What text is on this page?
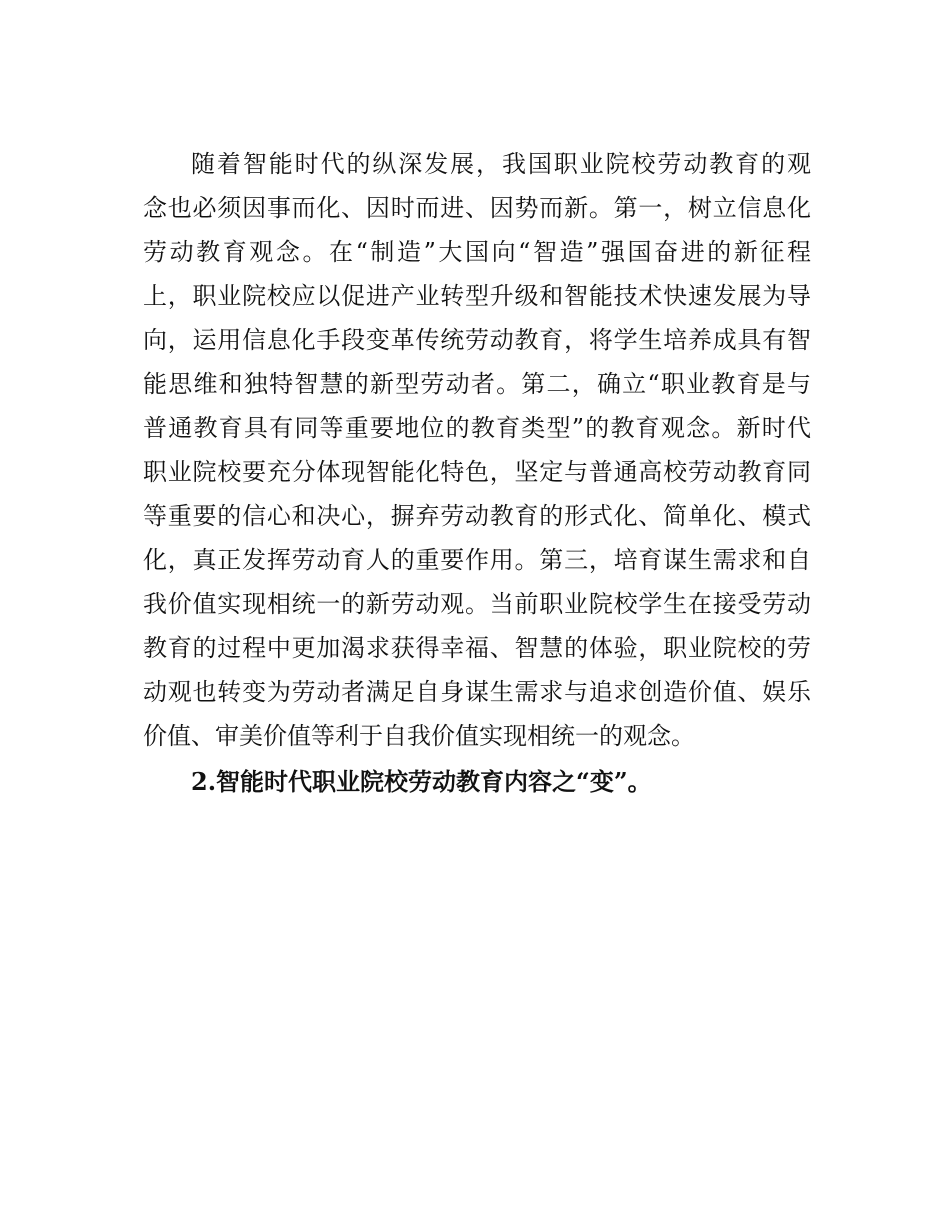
随着智能时代的纵深发展，我国职业院校劳动教育的观
念也必须因事而化、因时而进、因势而新。第一，树立信息化
劳动教育观念。在“制造”大国向“智造”强国奋进的新征程
上，职业院校应以促进产业转型升级和智能技术快速发展为导
向，运用信息化手段变革传统劳动教育，将学生培养成具有智
能思维和独特智慧的新型劳动者。第二，确立“职业教育是与
普通教育具有同等重要地位的教育类型”的教育观念。新时代
职业院校要充分体现智能化特色，坚定与普通高校劳动教育同
等重要的信心和决心，摒弃劳动教育的形式化、简单化、模式
化，真正发挥劳动育人的重要作用。第三，培育谋生需求和自
我价值实现相统一的新劳动观。当前职业院校学生在接受劳动
教育的过程中更加渴求获得幸福、智慧的体验，职业院校的劳
动观也转变为劳动者满足自身谋生需求与追求创造价值、娱乐
价值、审美价值等利于自我价值实现相统一的观念。
2.智能时代职业院校劳动教育内容之“变”。
